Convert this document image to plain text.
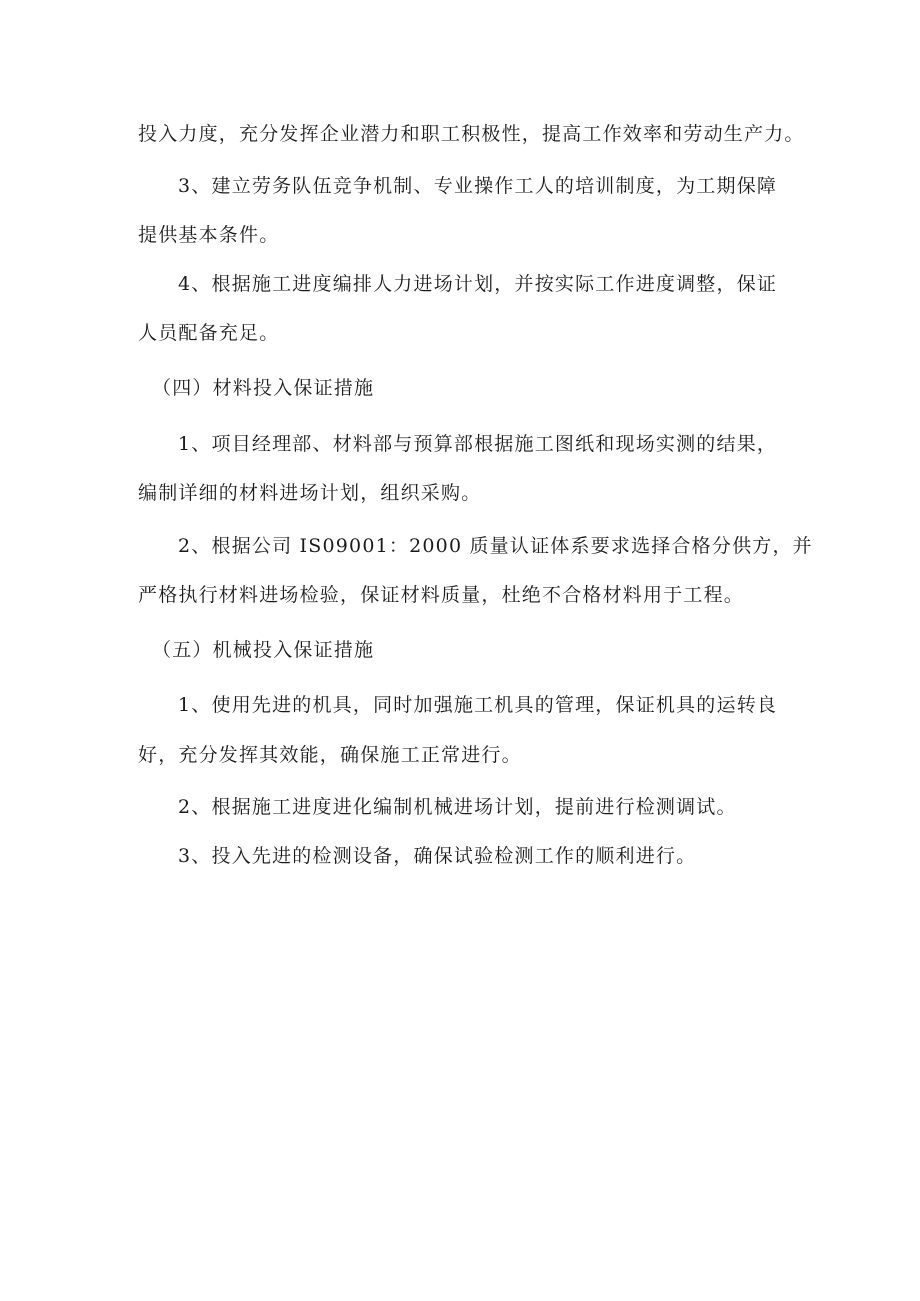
投入力度，充分发挥企业潜力和职工积极性，提高工作效率和劳动生产力。
3、建立劳务队伍竞争机制、专业操作工人的培训制度，为工期保障
提供基本条件。
4、根据施工进度编排人力进场计划，并按实际工作进度调整，保证
人员配备充足。
（四）材料投入保证措施
1、项目经理部、材料部与预算部根据施工图纸和现场实测的结果，
编制详细的材料进场计划，组织采购。
2、根据公司 IS09001：2000 质量认证体系要求选择合格分供方，并
严格执行材料进场检验，保证材料质量，杜绝不合格材料用于工程。
（五）机械投入保证措施
1、使用先进的机具，同时加强施工机具的管理，保证机具的运转良
好，充分发挥其效能，确保施工正常进行。
2、根据施工进度进化编制机械进场计划，提前进行检测调试。
3、投入先进的检测设备，确保试验检测工作的顺利进行。
